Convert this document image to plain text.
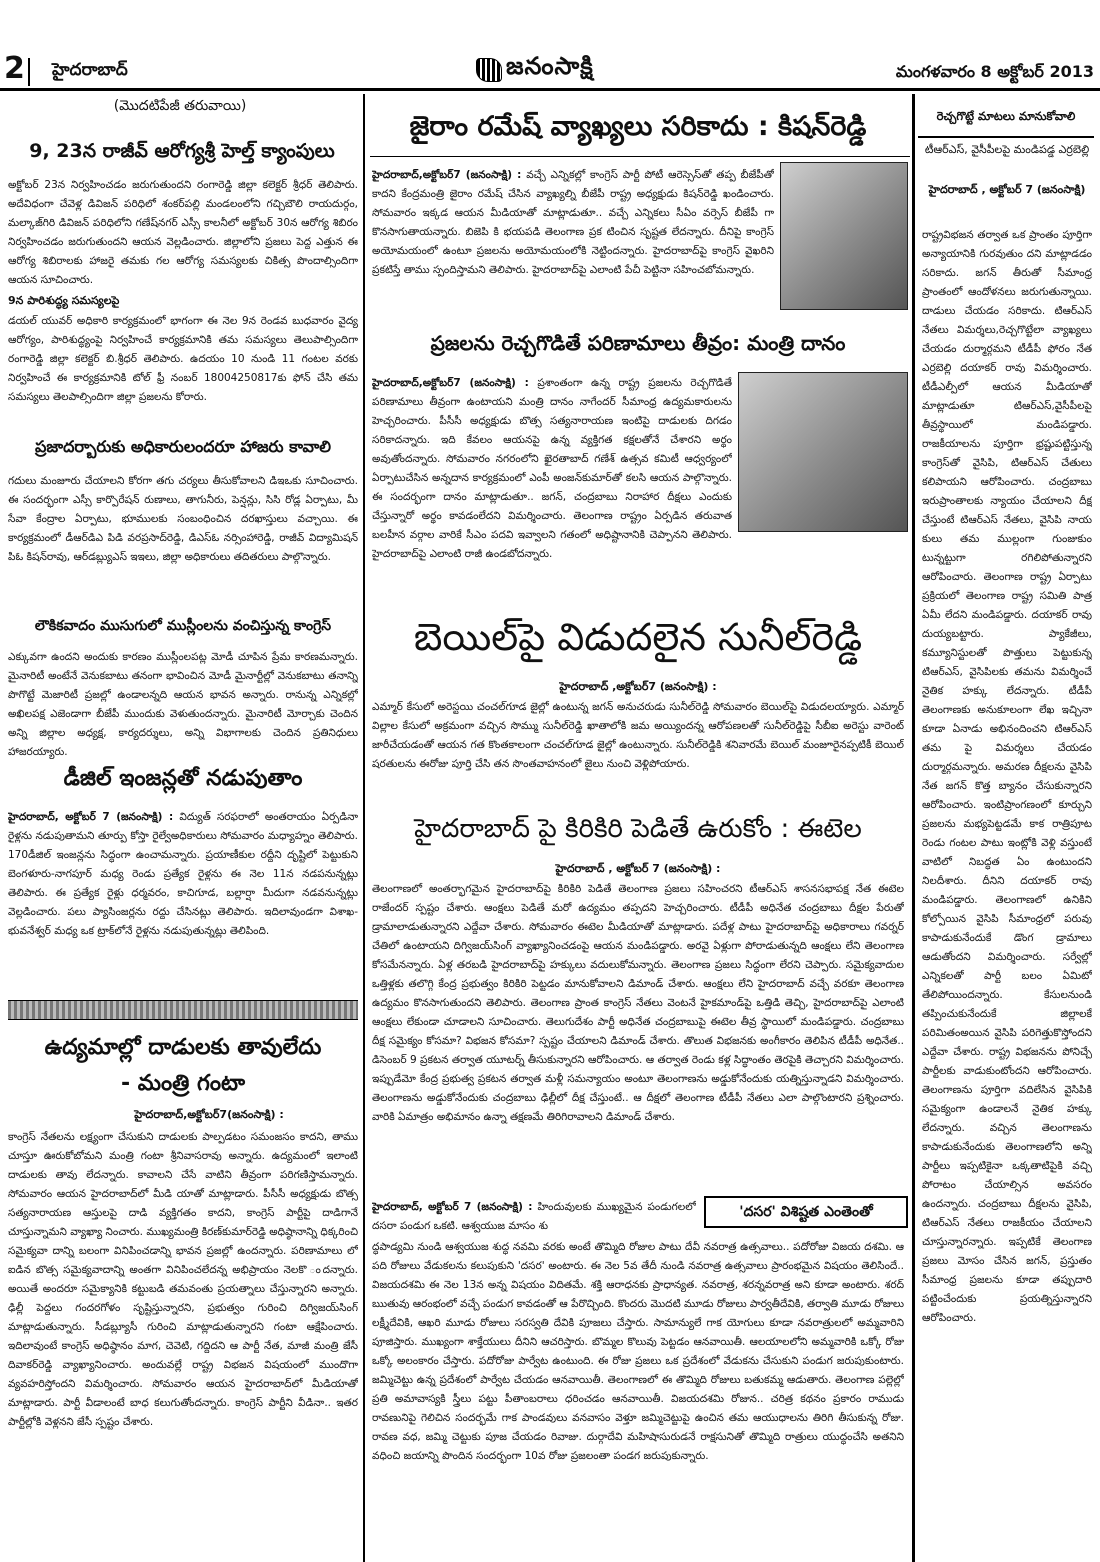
2 హైదరాబాద్	జనంసాక్షి	మంగళవారం 8 అక్టోబర్ 2013
(మొదటిపేజీ తరువాయి)
9, 23న రాజీవ్ ఆరోగ్యశ్రీ హెల్త్ క్యాంపులు

అక్టోబర్ 23న నిర్వహించడం జరుగుతుందని రంగారెడ్డి జిల్లా కలెక్టర్ శ్రీధర్ తెలిపారు. అదేవిధంగా చేవెళ్ల డివిజన్ పరిధిలో శంకర్‌పల్లి మండలంలోని గచ్చిబౌలి రాయదుర్గం, మల్కాజ్‌గిరి డివిజన్ పరిధిలోని గణేష్‌నగర్ ఎస్సీ కాలనీలో అక్టోబర్ 30న ఆరోగ్య శిబిరం నిర్వహించడం జరుగుతుందని ఆయన వెల్లడించారు. జిల్లాలోని ప్రజలు పెద్ద ఎత్తున ఈ ఆరోగ్య శిబిరాలకు హాజరై తమకు గల ఆరోగ్య సమస్యలకు చికిత్స పొందాల్సిందిగా ఆయన సూచించారు.

9న పారిశుద్ధ్య సమస్యలపై

డయల్ యువర్ అధికారి కార్యక్రమంలో భాగంగా ఈ నెల 9న రెండవ బుధవారం వైద్య ఆరోగ్యం, పారిశుద్ధ్యంపై నిర్వహించే కార్యక్రమానికి తమ సమస్యలు తెలుపాల్సిందిగా రంగారెడ్డి జిల్లా కలెక్టర్ బి.శ్రీధర్ తెలిపారు. ఉదయం 10 నుండి 11 గంటల వరకు నిర్వహించే ఈ కార్యక్రమానికి టోల్ ఫ్రీ నంబర్ 18004250817కు ఫోన్ చేసి తమ సమస్యలు తెలపాల్సిందిగా జిల్లా ప్రజలను కోరారు.

ప్రజాదర్బారుకు అధికారులందరూ హాజరు కావాలి

గదులు మంజూరు చేయాలని కోరగా తగు చర్యలు తీసుకోవాలని డిఇఒకు సూచించారు. ఈ సందర్భంగా ఎస్సీ కార్పొరేషన్ రుణాలు, తాగునీరు, పెన్షన్లు, సిసి రోడ్ల ఏర్పాటు, మీ సేవా కేంద్రాల ఏర్పాటు, భూములకు సంబంధించిన దరఖాస్తులు వచ్చాయి. ఈ కార్యక్రమంలో డీఆర్‌డిఎ పిడి వరప్రసాద్‌రెడ్డి, డిఎస్‌ఓ నర్సింహారెడ్డి, రాజీవ్ విద్యామిషన్ పిఓ కిషన్‌రావు, ఆర్‌డబ్ల్యుఎస్ ఇఇలు, జిల్లా అధికారులు తదితరులు పాల్గొన్నారు.

లౌకికవాదం ముసుగులో ముస్లీంలను వంచిస్తున్న కాంగ్రెస్

ఎక్కువగా ఉందని అందుకు కారణం ముస్లీంలపట్ల మోడీ చూపిన ప్రేమ కారణమన్నారు. మైనారిటీ అంటేనే వెనుకబాటు తనంగా భావించిన మోడీ మైనార్టీల్లో వెనుకబాటు తనాన్ని పొగొట్టే మెజారిటీ ప్రజల్లో ఉండాలన్నది ఆయన భావన అన్నారు. రానున్న ఎన్నికల్లో అఖిలపక్ష ఎజెండాగా బీజేపీ ముందుకు వెళుతుందన్నారు. మైనారిటీ మోర్చాకు చెందిన అన్ని జిల్లాల అధ్యక్ష, కార్యదర్శులు, అన్ని విభాగాలకు చెందిన ప్రతినిధులు హాజరయ్యారు.

డీజిల్ ఇంజన్లతో నడుపుతాం

హైదరాబాద్, అక్టోబర్ 7 (జనంసాక్షి) : విద్యుత్ సరఫరాలో అంతరాయం ఏర్పడినా రైళ్లను నడుపుతామని తూర్పు కోస్తా రైల్వేఅధికారులు సోమవారం మధ్యాహ్నం తెలిపారు. 170డీజిల్ ఇంజన్లను సిద్ధంగా ఉంచామన్నారు. ప్రయాణీకుల రద్దీని దృష్టిలో పెట్టుకుని బెంగళూరు-నాగపూర్ మధ్య రెండు ప్రత్యేక రైళ్లను ఈ నెల 11న నడపనున్నట్లు తెలిపారు. ఈ ప్రత్యేక రైళ్లు ధర్మవరం, కాచిగూడ, బల్లార్షా మీదుగా నడవనున్నట్లు వెల్లడించారు. పలు ప్యాసింజర్లను రద్దు చేసినట్లు తెలిపారు. ఇదిలావుండగా విశాఖ-భువనేశ్వర్ మధ్య ఒక ట్రాక్‌లోనే రైళ్లను నడుపుతున్నట్లు తెలిపింది.

ఉద్యమాల్లో దాడులకు తావులేదు
- మంత్రి గంటా
హైదరాబాద్,అక్టోబర్7(జనంసాక్షి) :

కాంగ్రెస్ నేతలను లక్ష్యంగా చేసుకుని దాడులకు పాల్పడటం సమంజసం కాదని, తాము చూస్తూ ఊరుకోబోమని మంత్రి గంటా శ్రీనివాసరావు అన్నారు. ఉద్యమంలో ఇలాంటి దాడులకు తావు లేదన్నారు. కావాలని చేసే వాటిని తీవ్రంగా పరిగణిస్తామన్నారు. సోమవారం ఆయన హైదరాబాద్‌లో మీడి యాతో మాట్లాడారు. పీసీసీ అధ్యక్షుడు బొత్స సత్యనారాయణ ఆస్తులపై దాడి వ్యక్తిగతం కాదని, కాంగ్రెస్ పార్టీపై దాడిగానే చూస్తున్నామని వ్యాఖ్యా నించారు. ముఖ్యమంత్రి కిరణ్‌కుమార్‌రెడ్డి అధిష్ఠానాన్ని ధిక్కరించి సమైక్యవా దాన్ని బలంగా వినిపించడాన్ని భావన ప్రజల్లో ఉందన్నారు. పరిణామాలు లో ఐడిన బొత్స సమైక్యవాదాన్ని అంతగా వినిపించలేదన్న అభిప్రాయం నెలకొ ందన్నారు. అయితే అందరూ సమైక్యానికి కట్టుబడి తమవంతు ప్రయత్నాలు చేస్తున్నారని అన్నారు. ఢిల్లీ పెద్దలు గందరగోళం సృష్టిస్తున్నారని, ప్రభుత్వం గురించి దిగ్విజయ్‌సింగ్ మాట్లాడుతున్నారు. సీడబ్ల్యూసీ గురించి మాట్లాడుతున్నారని గంటా ఆక్షేపించారు. ఇదిలావుంటే కాంగ్రెస్ అధిష్ఠానం మాగ, చెవెటి, గద్దిదని ఆ పార్టీ నేత, మాజీ మంత్రి జేసీ దివాకర్‌రెడ్డి వ్యాఖ్యానించారు. అందువల్లే రాష్ట్ర విభజన విషయంలో ముందొగా వ్యవహరిస్తోందని విమర్శించారు. సోమవారం ఆయన హైదరాబాద్‌లో మీడియాతో మాట్లాడారు. పార్టీ వీడాలంటే బాధ కలుగుతోందన్నారు. కాంగ్రెస్ పార్టీని వీడినా.. ఇతర పార్టీల్లోకి వెళ్లనని జేసీ స్పష్టం చేశారు.

జైరాం రమేష్ వ్యాఖ్యలు సరికాదు : కిషన్‌రెడ్డి

హైదరాబాద్,అక్టోబర్7 (జనంసాక్షి) : వచ్చే ఎన్నికల్లో కాంగ్రెస్ పార్టీ పోటీ ఆరెస్సెస్‌తో తప్ప బీజేపీతో కాదని కేంద్రమంత్రి జైరాం రమేష్ చేసిన వ్యాఖ్యల్ని బీజేపీ రాష్ట్ర అధ్యక్షుడు కిషన్‌రెడ్డి ఖండించారు. సోమవారం ఇక్కడ ఆయన మీడియాతో మాట్లాడుతూ.. వచ్చే ఎన్నికలు సీఏం వర్సెస్ బీజేపీ గా కొనసాగుతాయన్నారు. బిజెపి కి భయపడి తెలంగాణ ప్రక టించిన సృష్టత లేదన్నారు. దీనిపై కాంగ్రెస్ అయోమయంలో ఉంటూ ప్రజలను అయోమయంలోకి నెట్టిందన్నారు. హైదరాబాద్‌పై కాంగ్రెస్ వైఖరిని ప్రకటిస్తే తాము స్పందిస్తామని తెలిపారు. హైదరాబాద్‌పై ఎలాంటి పేచీ పెట్టినా సహించబోమన్నారు.

ప్రజలను రెచ్చగొడితే పరిణామాలు తీవ్రం: మంత్రి దానం

హైదరాబాద్,అక్టోబర్7 (జనంసాక్షి) : ప్రశాంతంగా ఉన్న రాష్ట్ర ప్రజలను రెచ్చగొడితే పరిణామాలు తీవ్రంగా ఉంటాయని మంత్రి దానం నాగేందర్ సీమాంధ్ర ఉద్యమకారులను హెచ్చరించారు. పీసీసీ అధ్యక్షుడు బొత్స సత్యనారాయణ ఇంటిపై దాడులకు దిగడం సరికాదన్నారు. ఇది కేవలం ఆయనపై ఉన్న వ్యక్తిగత కక్షలతోనే చేశారని అర్థం అవుతోందన్నారు. సోమవారం నగరంలోని ఖైరతాబాద్ గణేశ్ ఉత్సవ కమిటీ ఆధ్వర్యంలో ఏర్పాటుచేసిన అన్నదాన కార్యక్రమంలో ఎంపీ అంజన్‌కుమార్‌తో కలసి ఆయన పాల్గొన్నారు. ఈ సందర్భంగా దానం మాట్లాడుతూ.. జగన్, చంద్రబాబు నిరాహార దీక్షలు ఎందుకు చేస్తున్నారో అర్థం కావడంలేదని విమర్శించారు. తెలంగాణ రాష్ట్రం ఏర్పడిన తరువాత బలహీన వర్గాల వారికే సీఎం పదవి ఇవ్వాలని గతంలో అధిష్టానానికి చెప్పానని తెలిపారు. హైదరాబాద్‌పై ఎలాంటి రాజీ ఉండబోదన్నారు.

బెయిల్‌పై విడుదలైన సునీల్‌రెడ్డి
హైదరాబాద్ ,అక్టోబర్7 (జనంసాక్షి) :

ఎమ్మార్ కేసులో అరెస్టయి చంచల్‌గూడ జైల్లో ఉంటున్న జగన్ అనుచరుడు సునీల్‌రెడ్డి సోమవారం బెయిల్‌పై విడుదలయ్యారు. ఎమ్మార్ విల్లాల కేసులో అక్రమంగా వచ్చిన సొమ్ము సునీల్‌రెడ్డి ఖాతాలోకి జమ అయ్యిందన్న ఆరోపణలతో సునీల్‌రెడ్డిపై సీబీఐ అరెస్టు వారెంట్ జారీచేయడంతో ఆయన గత కొంతకాలంగా చంచల్‌గూడ జైల్లో ఉంటున్నారు. సునీల్‌రెడ్డికి శనివారమే బెయిల్ మంజూరైనప్పటికీ బెయిల్ షరతులను ఈరోజు పూర్తి చేసి తన సొంతవాహనంలో జైలు నుంచి వెళ్లిపోయారు.

హైదరాబాద్ పై కిరికిరి పెడితే ఉరుకోం : ఈటెల
హైదరాబాద్ , అక్టోబర్ 7 (జనంసాక్షి) :

తెలంగాణలో అంతర్భాగమైన హైదరాబాద్‌పై కిరికిరి పెడితే తెలంగాణ ప్రజలు సహించరని టీఆర్‌ఎస్ శాసనసభాపక్ష నేత ఈటెల రాజేందర్ స్పష్టం చేశారు. ఆంక్షలు పెడితే మరో ఉద్యమం తప్పదని హెచ్చరించారు. టీడీపీ అధినేత చంద్రబాబు దీక్షల పేరుతో డ్రామాలాడుతున్నారని ఎద్దేవా చేశారు. సోమవారం ఈటెల మీడియాతో మాట్లాడారు. పదేళ్ల పాటు హైదరాబాద్‌పై అధికారాలు గవర్నర్ చేతిలో ఉంటాయని దిగ్విజయ్‌సింగ్ వ్యాఖ్యానించడంపై ఆయన మండిపడ్డారు. అరవై ఏళ్లుగా పోరాడుతున్నది ఆంక్షలు లేని తెలంగాణ కోసమేనన్నారు. ఏళ్ల తరబడి హైదరాబాద్‌పై హక్కులు వదులుకోమన్నారు. తెలంగాణ ప్రజలు సిద్ధంగా లేరని చెప్పారు. సమైక్యవాదుల ఒత్తిళ్లకు తలొగ్గి కేంద్ర ప్రభుత్వం కిరికిరి పెట్టడం మానుకోవాలని డిమాండ్ చేశారు. ఆంక్షలు లేని హైదరాబాద్ వచ్చే వరకూ తెలంగాణ ఉద్యమం కొనసాగుతుందని తెలిపారు. తెలంగాణ ప్రాంత కాంగ్రెస్ నేతలు వెంటనే హైకమాండ్‌పై ఒత్తిడి తెచ్చి, హైదరాబాద్‌పై ఎలాంటి ఆంక్షలు లేకుండా చూడాలని సూచించారు. తెలుగుదేశం పార్టీ అధినేత చంద్రబాబుపై ఈటెల తీవ్ర స్థాయిలో మండిపడ్డారు. చంద్రబాబు దీక్ష సమైక్యం కోసమా? విభజన కోసమా? స్పష్టం చేయాలని డిమాండ్ చేశారు. తొలుత విభజనకు అంగీకారం తెలిపిన టీడీపీ అధినేత.. డిసెంబర్ 9 ప్రకటన తర్వాత యూటర్న్ తీసుకున్నారని ఆరోపించారు. ఆ తర్వాత రెండు కళ్ల సిద్ధాంతం తెరపైకి తెచ్చారని విమర్శించారు. ఇప్పుడేమో కేంద్ర ప్రభుత్వ ప్రకటన తర్వాత మళ్లీ సమన్యాయం అంటూ తెలంగాణను అడ్డుకోనేందుకు యత్నిస్తున్నాడని విమర్శించారు. తెలంగాణను అడ్డుకోనేందుకు చంద్రబాబు ఢిల్లీలో దీక్ష చేస్తుంటే.. ఆ దీక్షలో తెలంగాణ టీడీపీ నేతలు ఎలా పాల్గొంటారని ప్రశ్నించారు. వారికి ఏమాత్రం అభిమానం ఉన్నా తక్షణమే తిరిగిరావాలని డిమాండ్ చేశారు.

'దసర' విశిష్టత ఎంతెంతో

హైదరాబాద్, అక్టోబర్ 7 (జనంసాక్షి) : హిందువులకు ముఖ్యమైన పండుగలలో దసరా పండుగ ఒకటి. ఆశ్వయుజ మాసం శు

ద్ధపాడ్యమి నుండి ఆశ్వయుజ శుద్ధ నవమి వరకు అంటే తొమ్మిది రోజుల పాటు దేవీ నవరాత్ర ఉత్సవాలు.. పదోరోజు విజయ దశమి. ఆ పది రోజులు వేడుకలను కలుపుకుని 'దసర' అంటారు. ఈ నెల 5వ తేదీ నుండి నవరాత్ర ఉత్సవాలు ప్రారంభమైన విషయం తెలిసిందే.. విజయదశమి ఈ నెల 13న అన్న విషయం విదితమే. శక్తి ఆరాధనకు ప్రాధాన్యత. నవరాత్ర, శరన్నవరాత్ర అని కూడా అంటారు. శరద్ ఋతువు ఆరంభంలో వచ్చే పండుగ కావడంతో ఆ పేరొచ్చింది. కొందరు మొదటి మూడు రోజులు పార్వతీదేవికి, తర్వాతి మూడు రోజులు లక్ష్మీదేవికి, ఆఖరి మూడు రోజులు సరస్వతి దేవికి పూజలు చేస్తారు. సామాన్యులే గాక యోగులు కూడా నవరాత్రులలో అమ్మవారిని పూజిస్తారు. ముఖ్యంగా శాక్తేయులు దీనిని ఆచరిస్తారు. బొమ్మల కొలువు పెట్టడం ఆనవాయితీ. ఆలయాలలోని అమ్మవారికి ఒక్కో రోజు ఒక్కో అలంకారం చేస్తారు. పదోరోజు పార్వేట ఉంటుంది. ఈ రోజు ప్రజలు ఒక ప్రదేశంలో వేడుకను చేసుకుని పండుగ జరుపుకుంటారు. జమ్మిచెట్టు ఉన్న ప్రదేశంలో పార్వేట చేయడం ఆనవాయితీ. తెలంగాణలో ఈ తొమ్మిది రోజులు బతుకమ్మ ఆడుతారు. తెలంగాణ పల్లెల్లో ప్రతి అమావాస్యకి స్త్రీలు పట్టు పీతాంబరాలు ధరించడం ఆనవాయితీ. విజయదశమి రోజున.. చరిత్ర కథనం ప్రకారం రాముడు రావణునిపై గెలిచిన సందర్భమే గాక పాండవులు వనవాసం వెళ్తూ జమ్మిచెట్టుపై ఉంచిన తమ ఆయుధాలను తిరిగి తీసుకున్న రోజు. రావణ వధ, జమ్మి చెట్టుకు పూజ చేయడం రివాజు. దుర్గాదేవి మహిషాసురుడనే రాక్షసునితో తొమ్మిది రాత్రులు యుద్ధంచేసి అతనిని వధించి జయాన్ని పొందిన సందర్భంగా 10వ రోజు ప్రజలంతా పండగ జరుపుకున్నారు.

రెచ్చగొట్టే మాటలు మానుకోవాలి
టీఆర్ఎస్, వైసీపీలపై మండిపడ్డ ఎర్రబెల్లి
హైదరాబాద్ , అక్టోబర్ 7 (జనంసాక్షి)

రాష్ట్రవిభజన తర్వాత ఒక ప్రాంతం పూర్తిగా అన్యాయానికి గురవుతుం దని మాట్లాడడం సరికాదు. జగన్ తీరుతో సీమాంధ్ర ప్రాంతంలో ఆందోళనలు జరుగుతున్నాయి. దాడులు చేయడం సరికాదు. టిఆర్ఎస్ నేతలు విమర్శలు,రెచ్చగొట్టేలా వ్యాఖ్యలు చేయడం దుర్మార్గమని టీడీపీ ఫోరం నేత ఎర్రబెల్లి దయాకర్ రావు విమర్శించారు. టీడీఎల్పీలో ఆయన మీడియాతో మాట్లాడుతూ టిఆర్ఎస్,వైసీపీలపై తీవ్రస్థాయిలో మండిపడ్డారు. రాజకీయాలను పూర్తిగా భ్రష్టుపట్టిస్తున్న కాంగ్రెస్‌తో వైసిపి, టిఆర్ఎస్ చేతులు కలిపాయని ఆరోపించారు. చంద్రబాబు ఇరుప్రాంతాలకు న్యాయం చేయాలని దీక్ష చేస్తుంటే టిఆర్ఎస్ నేతలు, వైసిపి నాయ కులు తమ ముల్లంగా గుంజుకుం టున్నట్టుగా రగిలిపోతున్నారని ఆరోపించారు. తెలంగాణ రాష్ట్ర ఏర్పాటు ప్రక్రియలో తెలంగాణ రాష్ట్ర సమితి పాత్ర ఏమీ లేదని మండిపడ్డారు. దయాకర్ రావు దుయ్యబట్టారు. ప్యాకేజీలు, కమ్యూనిస్టులతో పొత్తులు పెట్టుకున్న టిఆర్ఎస్, వైసిపిలకు తమను విమర్శించే నైతిక హక్కు లేదన్నారు. టీడీపీ తెలంగాణకు అనుకూలంగా లేఖ ఇచ్చినా కూడా ఏనాడు అభినందించని టిఆర్ఎస్ తమ పై విమర్శలు చేయడం దుర్మార్గమన్నారు. అమరణ దీక్షలను వైసిపి నేత జగన్ కొత్త బ్యానం చేసుకున్నారని ఆరోపించారు. ఇంటిప్రాంగణంలో కూర్చుని ప్రజలను మభ్యపెట్టడమే కాక రాత్రిపూట రెండు గంటల పాటు ఇంట్లోకి వెళ్లి వస్తుంటే వాటిలో నిబద్ధత ఏం ఉంటుందని నిలదీశారు. దీనిని దయాకర్ రావు మండిపడ్డారు. తెలంగాణలో ఉనికిని కోల్పోయిన వైసిపి సీమాంధ్రలో పరువు కాపాడుకునేందుకే డొంగ డ్రామాలు ఆడుతోందని విమర్శించారు. సర్వేల్లో ఎన్నికలతో పార్టీ బలం ఏమిటో తేలిపోయిందన్నారు. కేసులనుండి తప్పించుకునేందుకే జిల్లాలకే పరిమితంఅయిన వైసిపి పరిగెత్తుకొస్తోందని ఎద్దేవా చేశారు. రాష్ట్ర విభజనను పోనిచ్చే పార్టీలకు వాడుకుంటోందని ఆరోపించారు. తెలంగాణను పూర్తిగా వదిలేసిన వైసిపికి సమైక్యంగా ఉండాలనే నైతిక హక్కు లేదన్నారు. వచ్చిన తెలంగాణను కాపాడుకునేందుకు తెలంగాణలోని అన్ని పార్టీలు ఇప్పటికైనా ఒక్కతాటిపైకి వచ్చి పోరాటం చేయాల్సిన అవసరం ఉందన్నారు. చంద్రబాబు దీక్షలను వైసిపి, టిఆర్ఎస్ నేతలు రాజకీయం చేయాలని చూస్తున్నారన్నారు. ఇప్పటికే తెలంగాణ ప్రజలు మోసం చేసిన జగన్, ప్రస్తుతం సీమాంధ్ర ప్రజలను కూడా తప్పుదారి పట్టించేందుకు ప్రయత్నిస్తున్నారని ఆరోపించారు.
